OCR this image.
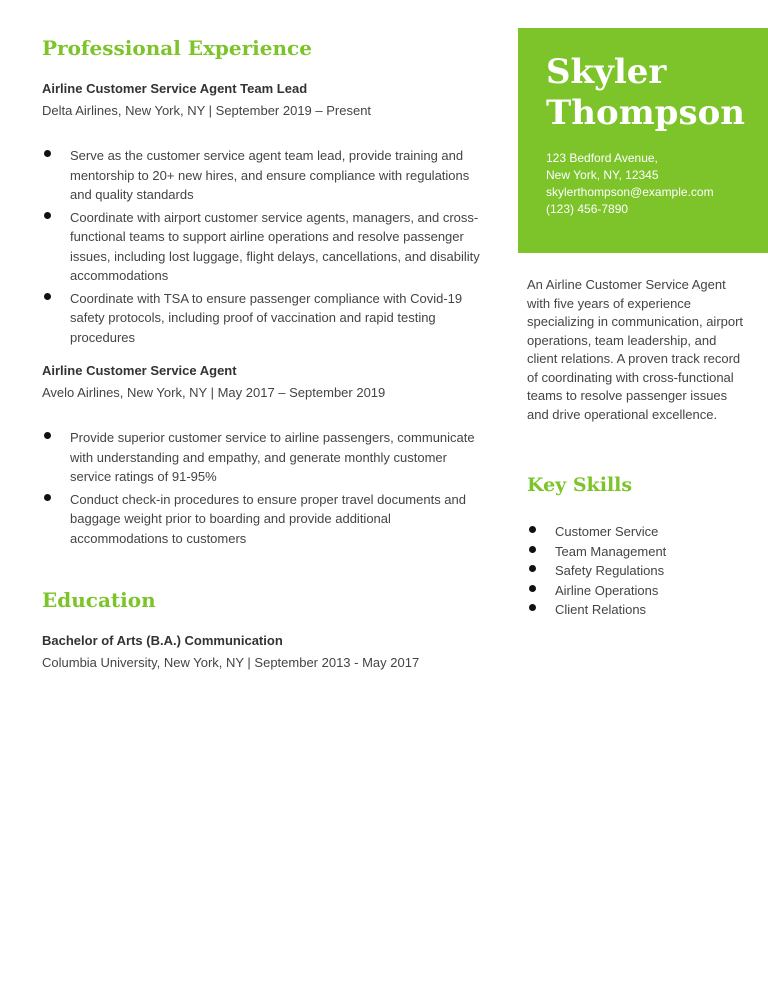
Professional Experience

Airline Customer Service Agent Team Lead

Delta Airlines, New York, NY | September 2019 – Present

Serve as the customer service agent team lead, provide training and mentorship to 20+ new hires, and ensure compliance with regulations and quality standards
Coordinate with airport customer service agents, managers, and cross-functional teams to support airline operations and resolve passenger issues, including lost luggage, flight delays, cancellations, and disability accommodations
Coordinate with TSA to ensure passenger compliance with Covid-19 safety protocols, including proof of vaccination and rapid testing procedures

Airline Customer Service Agent

Avelo Airlines, New York, NY | May 2017 – September 2019

Provide superior customer service to airline passengers, communicate with understanding and empathy, and generate monthly customer service ratings of 91-95%
Conduct check-in procedures to ensure proper travel documents and baggage weight prior to boarding and provide additional accommodations to customers
Education

Bachelor of Arts (B.A.) Communication

Columbia University, New York, NY | September 2013 - May 2017

Skyler
Thompson
123 Bedford Avenue,
New York, NY, 12345
skylerthompson@example.com
(123) 456-7890

An Airline Customer Service Agent with five years of experience specializing in communication, airport operations, team leadership, and client relations. A proven track record of coordinating with cross-functional teams to resolve passenger issues and drive operational excellence.

Key Skills
Customer Service
Team Management
Safety Regulations
Airline Operations
Client Relations
